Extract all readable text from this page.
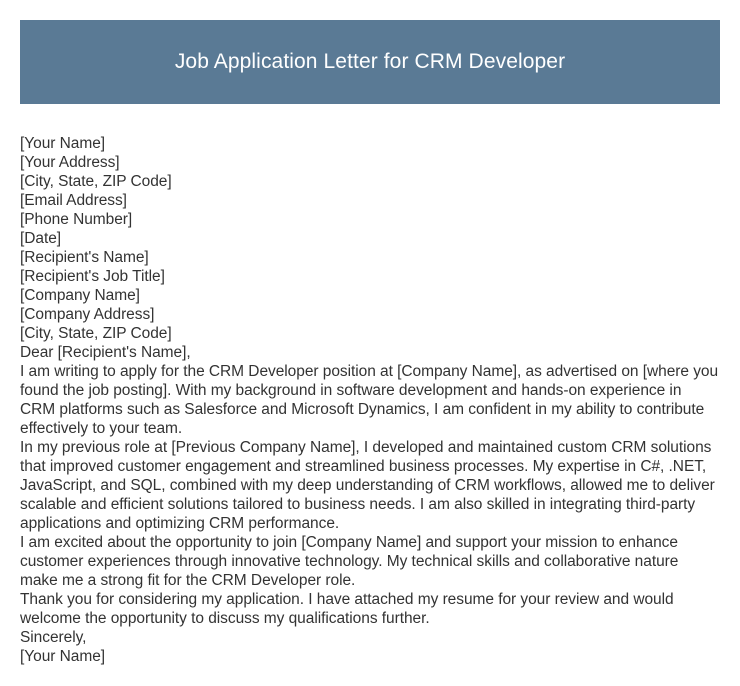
Job Application Letter for CRM Developer
[Your Name]
[Your Address]
[City, State, ZIP Code]
[Email Address]
[Phone Number]
[Date]
[Recipient's Name]
[Recipient's Job Title]
[Company Name]
[Company Address]
[City, State, ZIP Code]
Dear [Recipient's Name],
I am writing to apply for the CRM Developer position at [Company Name], as advertised on [where you found the job posting]. With my background in software development and hands-on experience in CRM platforms such as Salesforce and Microsoft Dynamics, I am confident in my ability to contribute effectively to your team.
In my previous role at [Previous Company Name], I developed and maintained custom CRM solutions that improved customer engagement and streamlined business processes. My expertise in C#, .NET, JavaScript, and SQL, combined with my deep understanding of CRM workflows, allowed me to deliver scalable and efficient solutions tailored to business needs. I am also skilled in integrating third-party applications and optimizing CRM performance.
I am excited about the opportunity to join [Company Name] and support your mission to enhance customer experiences through innovative technology. My technical skills and collaborative nature make me a strong fit for the CRM Developer role.
Thank you for considering my application. I have attached my resume for your review and would welcome the opportunity to discuss my qualifications further.
Sincerely,
[Your Name]
